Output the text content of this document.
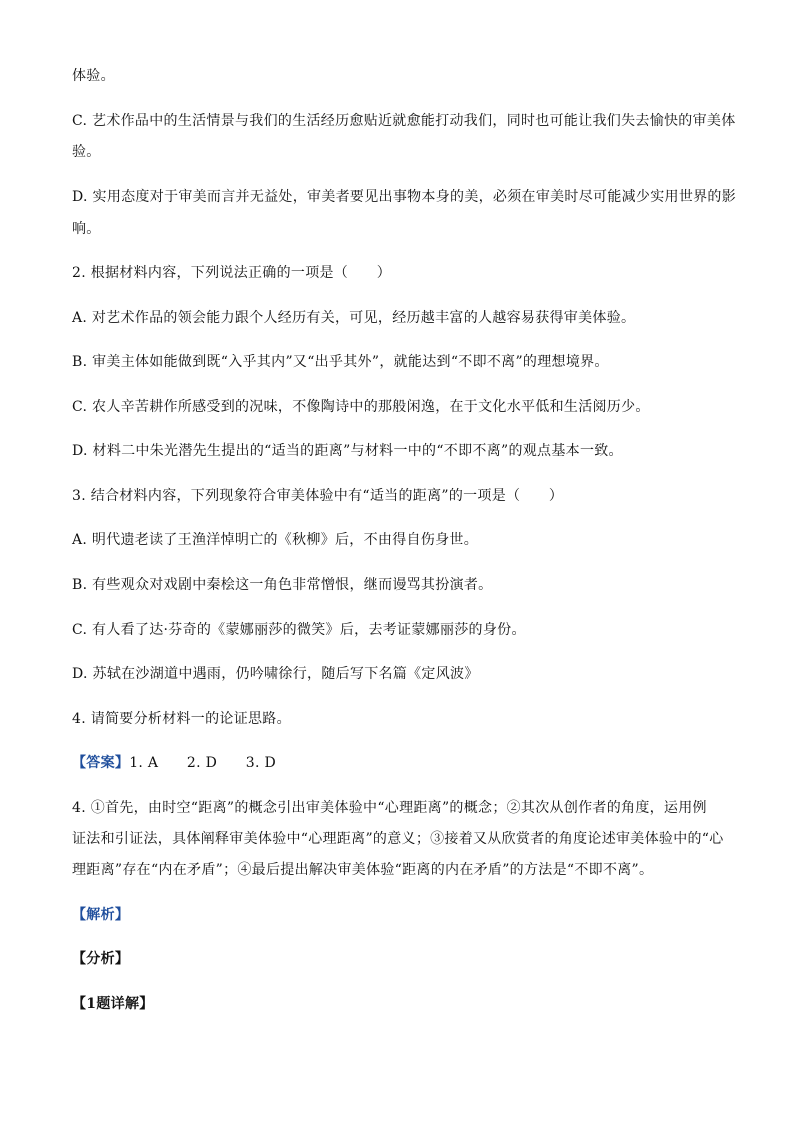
体验。
C. 艺术作品中的生活情景与我们的生活经历愈贴近就愈能打动我们，同时也可能让我们失去愉快的审美体
验。
D. 实用态度对于审美而言并无益处，审美者要见出事物本身的美，必须在审美时尽可能减少实用世界的影
响。
2. 根据材料内容，下列说法正确的一项是（　　）
A. 对艺术作品的领会能力跟个人经历有关，可见，经历越丰富的人越容易获得审美体验。
B. 审美主体如能做到既“入乎其内”又“出乎其外”，就能达到“不即不离”的理想境界。
C. 农人辛苦耕作所感受到的况味，不像陶诗中的那般闲逸，在于文化水平低和生活阅历少。
D. 材料二中朱光潜先生提出的“适当的距离”与材料一中的“不即不离”的观点基本一致。
3. 结合材料内容，下列现象符合审美体验中有“适当的距离”的一项是（　　）
A. 明代遗老读了王渔洋悼明亡的《秋柳》后，不由得自伤身世。
B. 有些观众对戏剧中秦桧这一角色非常憎恨，继而谩骂其扮演者。
C. 有人看了达·芬奇的《蒙娜丽莎的微笑》后，去考证蒙娜丽莎的身份。
D. 苏轼在沙湖道中遇雨，仍吟啸徐行，随后写下名篇《定风波》
4. 请简要分析材料一的论证思路。
【答案】1. A　　2. D　　3. D
4. ①首先，由时空“距离”的概念引出审美体验中“心理距离”的概念；②其次从创作者的角度，运用例
证法和引证法，具体阐释审美体验中“心理距离”的意义；③接着又从欣赏者的角度论述审美体验中的“心
理距离”存在“内在矛盾”；④最后提出解决审美体验“距离的内在矛盾”的方法是“不即不离”。
【解析】
【分析】
【1题详解】
